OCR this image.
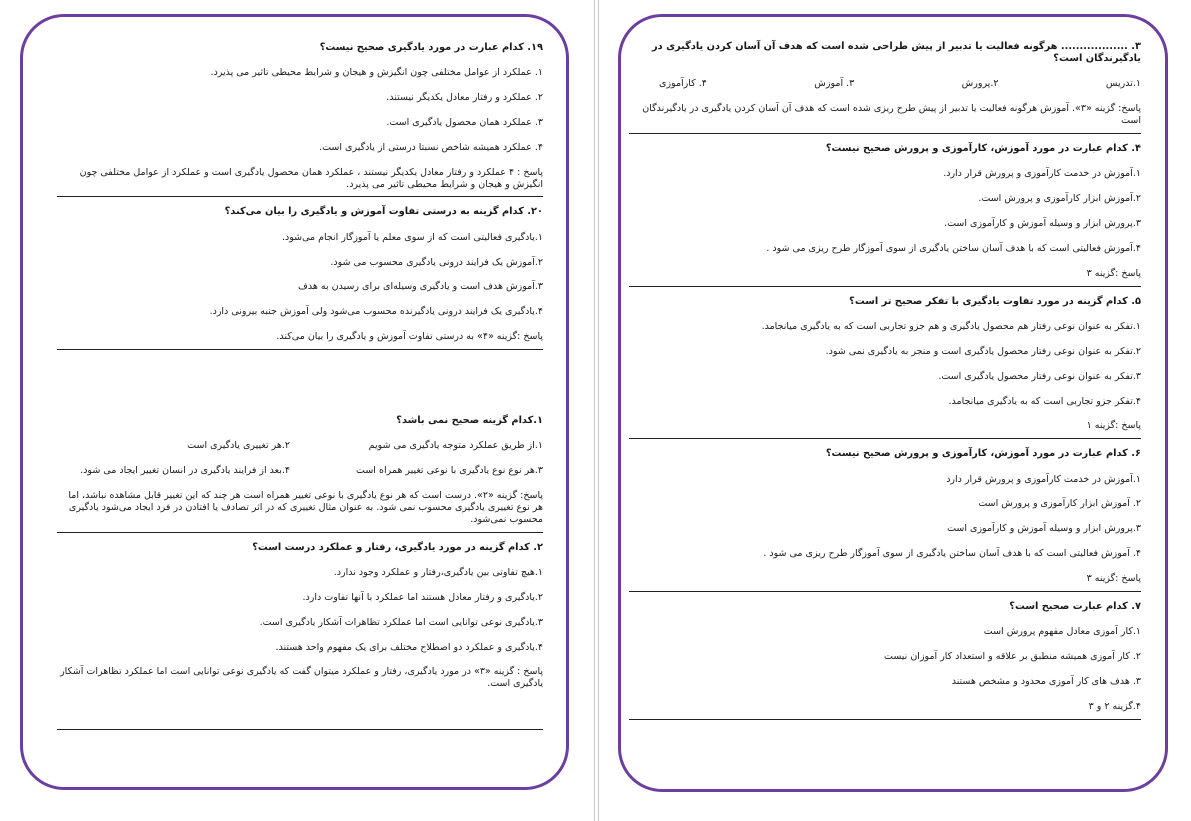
۱۹. کدام عبارت در مورد یادگیری صحیح نیست؟
۱. عملکرد از عوامل مختلفی چون انگیزش و هیجان و شرایط محیطی تاثیر می پذیرد.
۲. عملکرد و رفتار معادل یکدیگر نیستند.
۳. عملکرد همان محصول یادگیری است.
۴. عملکرد همیشه شاخص نسبتا درستی از یادگیری است.
پاسخ : ۴ عملکرد و رفتار معادل یکدیگر نیستند ، عملکرد همان محصول یادگیری است و عملکرد از عوامل مختلفی چون انگیزش و هیجان و شرایط محیطی تاثیر می پذیرد.
۲۰. کدام گزینه به درستی تفاوت آموزش و یادگیری را بیان می‌کند؟
۱.یادگیری فعالیتی است که از سوی معلم یا آموزگار انجام می‌شود.
۲.آموزش یک فرایند درونی یادگیری محسوب می شود.
۳.آموزش هدف است و یادگیری وسیله‌ای برای رسیدن به هدف
۴.یادگیری یک فرایند درونی یادگیرنده محسوب می‌شود ولی آموزش جنبه بیرونی دارد.
پاسخ :گزینه «۴» به درستی تفاوت آموزش و یادگیری را بیان می‌کند.
۱.کدام گزینه صحیح نمی باشد؟
۱.از طریق عملکرد متوجه یادگیری می شویم
۲.هر تغییری یادگیری است
۳.هر نوع نوع یادگیری با نوعی تغییر همراه است
۴.بعد از فرایند یادگیری در انسان تغییر ایجاد می شود.
پاسخ: گزینه «۲». درست است که هر نوع یادگیری با نوعی تغییر همراه است هر چند که این تغییر قابل مشاهده نباشد، اما هر نوع تغییری یادگیری محسوب نمی شود. به عنوان مثال تغییری که در اثر تصادف یا افتادن در فرد ایجاد می‌شود یادگیری محسوب نمی‌شود.
۲. کدام گزینه در مورد یادگیری، رفتار و عملکرد درست است؟
۱.هیچ تفاوتی بین یادگیری،رفتار و عملکرد وجود ندارد.
۲.یادگیری و رفتار معادل هستند اما عملکرد با آنها تفاوت دارد.
۳.یادگیری نوعی توانایی است اما عملکرد تظاهرات آشکار یادگیری است.
۴.یادگیری و عملکرد دو اصطلاح مختلف برای یک مفهوم واحد هستند.
پاسخ : گزینه «۳» در مورد یادگیری، رفتار و عملکرد میتوان گفت که یادگیری نوعی توانایی است اما عملکرد تظاهرات آشکار یادگیری است.
۳. .................. هرگونه فعالیت یا تدبیر از پیش طراحی شده است که هدف آن آسان کردن یادگیری در یادگیرندگان است؟
۱.تدریس
۲.پرورش
۳. آموزش
۴. کارآموزی
پاسخ: گزینه «۳». آموزش هرگونه فعالیت یا تدبیر از پیش طرح ریزی شده است که هدف آن آسان کردن یادگیری در یادگیرندگان است
۴. کدام عبارت در مورد آموزش، کارآموزی و پرورش صحیح نیست؟
۱.آموزش در خدمت کارآموزی و پرورش قرار دارد.
۲.آموزش ابزار کارآموزی و پرورش است.
۳.پرورش ابزار و وسیله آموزش و کارآموزی است.
۴.آموزش فعالیتی است که با هدف آسان ساختن یادگیری از سوی آموزگار طرح ریزی می شود .
پاسخ :گزینه ۳
۵. کدام گزینه در مورد تفاوت یادگیری با تفکر صحیح تر است؟
۱.تفکر به عنوان نوعی رفتار هم محصول یادگیری و هم جزو تجاربی است که به یادگیری میانجامد.
۲.تفکر به عنوان نوعی رفتار محصول یادگیری است و منجر به یادگیری نمی شود.
۳.تفکر به عنوان نوعی رفتار محصول یادگیری است.
۴.تفکر جزو تجاربی است که به یادگیری میانجامد.
پاسخ :گزینه ۱
۶. کدام عبارت در مورد آموزش، کارآموزی و پرورش صحیح نیست؟
۱.آموزش در خدمت کارآموزی و پرورش قرار دارد
۲. آموزش ابزار کارآموزی و پرورش است
۳.پرورش ابزار و وسیله آموزش و کارآموزی است
۴. آموزش فعالیتی است که با هدف آسان ساختن یادگیری از سوی آموزگار طرح ریزی می شود .
پاسخ :گزینه ۳
۷. کدام عبارت صحیح است؟
۱.کار آموزی معادل مفهوم پرورش است
۲. کار آموزی همیشه منطبق بر علاقه و استعداد کار آموزان نیست
۳. هدف های کار آموزی محدود و مشخص هستند
۴.گزینه ۲ و ۳
